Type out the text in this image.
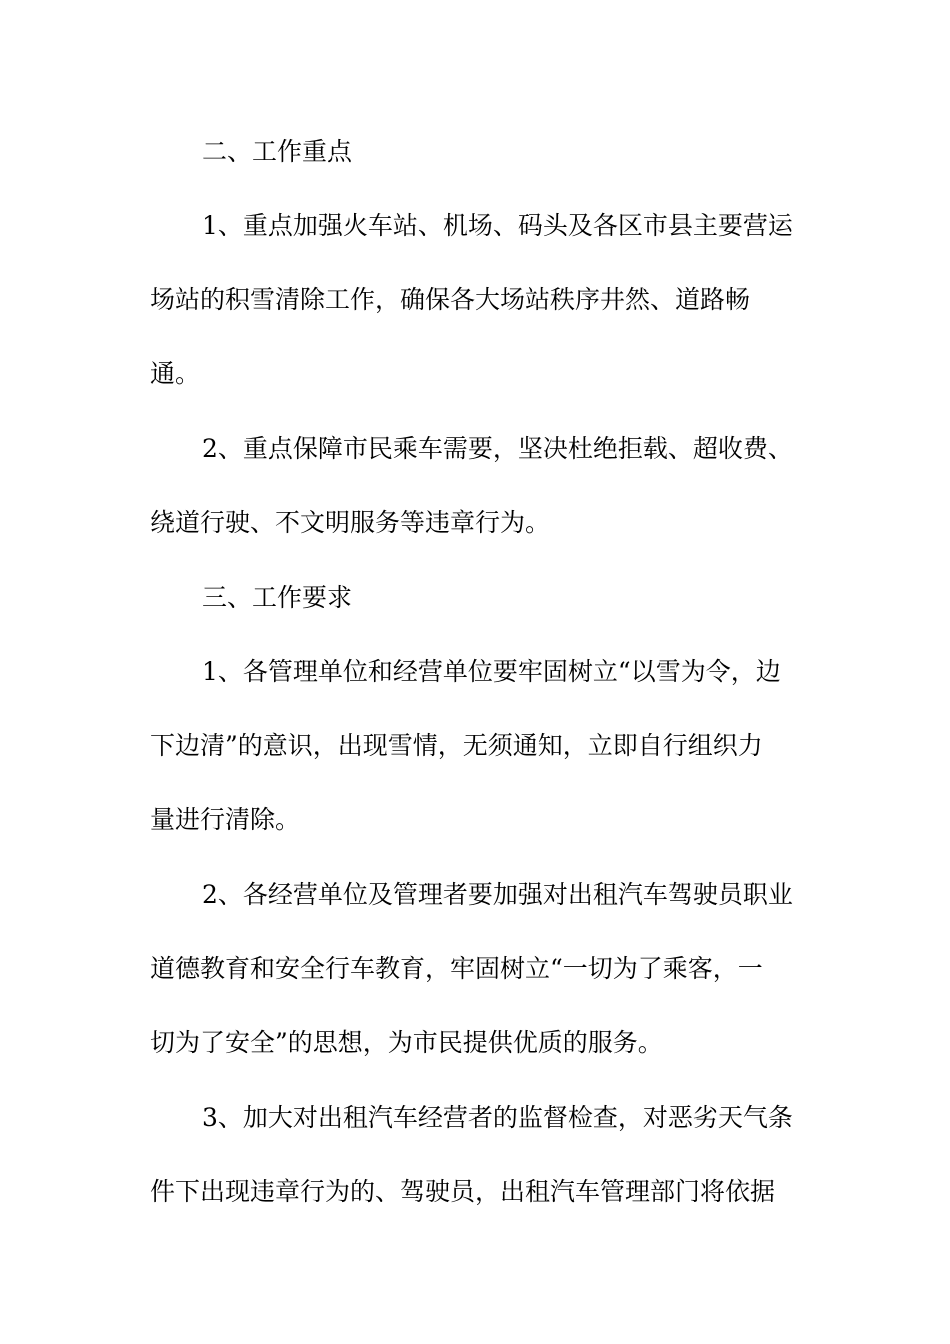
二、工作重点
1、重点加强火车站、机场、码头及各区市县主要营运
场站的积雪清除工作，确保各大场站秩序井然、道路畅
通。
2、重点保障市民乘车需要，坚决杜绝拒载、超收费、
绕道行驶、不文明服务等违章行为。
三、工作要求
1、各管理单位和经营单位要牢固树立“以雪为令，边
下边清”的意识，出现雪情，无须通知，立即自行组织力
量进行清除。
2、各经营单位及管理者要加强对出租汽车驾驶员职业
道德教育和安全行车教育，牢固树立“一切为了乘客，一
切为了安全”的思想，为市民提供优质的服务。
3、加大对出租汽车经营者的监督检查，对恶劣天气条
件下出现违章行为的、驾驶员，出租汽车管理部门将依据
